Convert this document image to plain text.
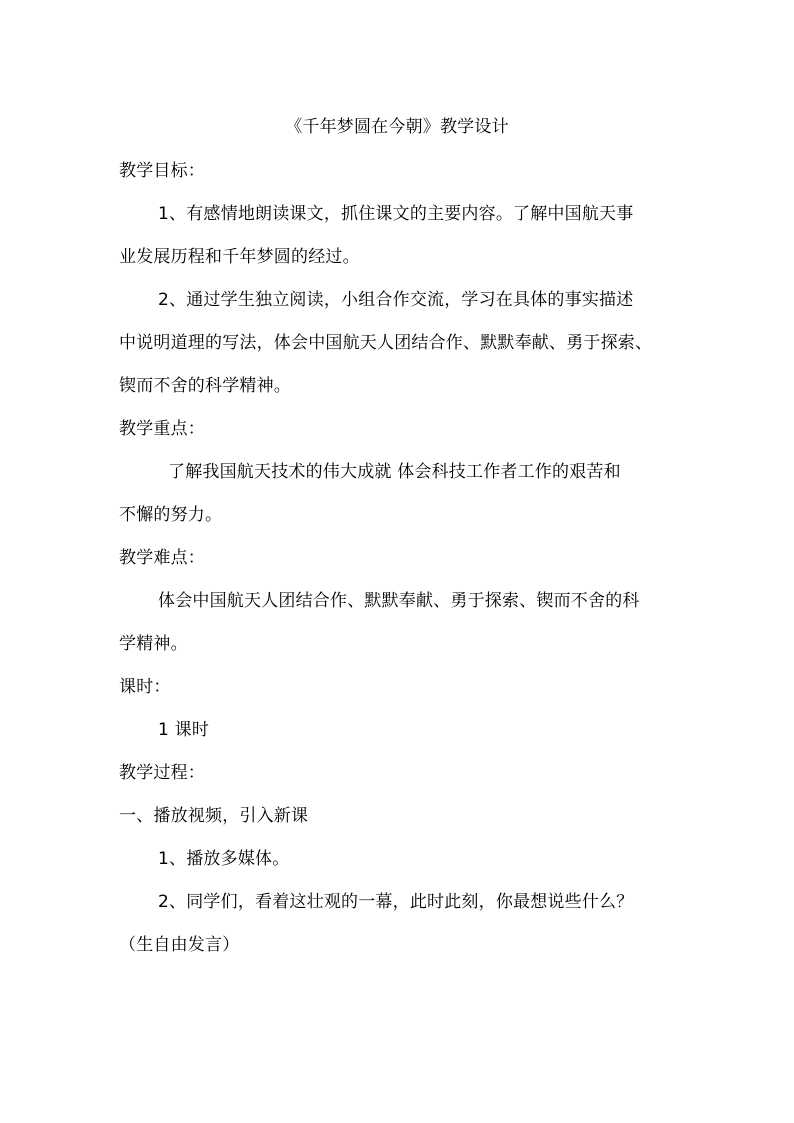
《千年梦圆在今朝》教学设计

教学目标：

1、有感情地朗读课文，抓住课文的主要内容。了解中国航天事

业发展历程和千年梦圆的经过。

2、通过学生独立阅读，小组合作交流，学习在具体的事实描述

中说明道理的写法，体会中国航天人团结合作、默默奉献、勇于探索、

锲而不舍的科学精神。

教学重点：

了解我国航天技术的伟大成就 体会科技工作者工作的艰苦和

不懈的努力。

教学难点：

体会中国航天人团结合作、默默奉献、勇于探索、锲而不舍的科

学精神。

课时：

1 课时

教学过程：

一、播放视频，引入新课

1、播放多媒体。

2、同学们，看着这壮观的一幕，此时此刻，你最想说些什么？

（生自由发言）
